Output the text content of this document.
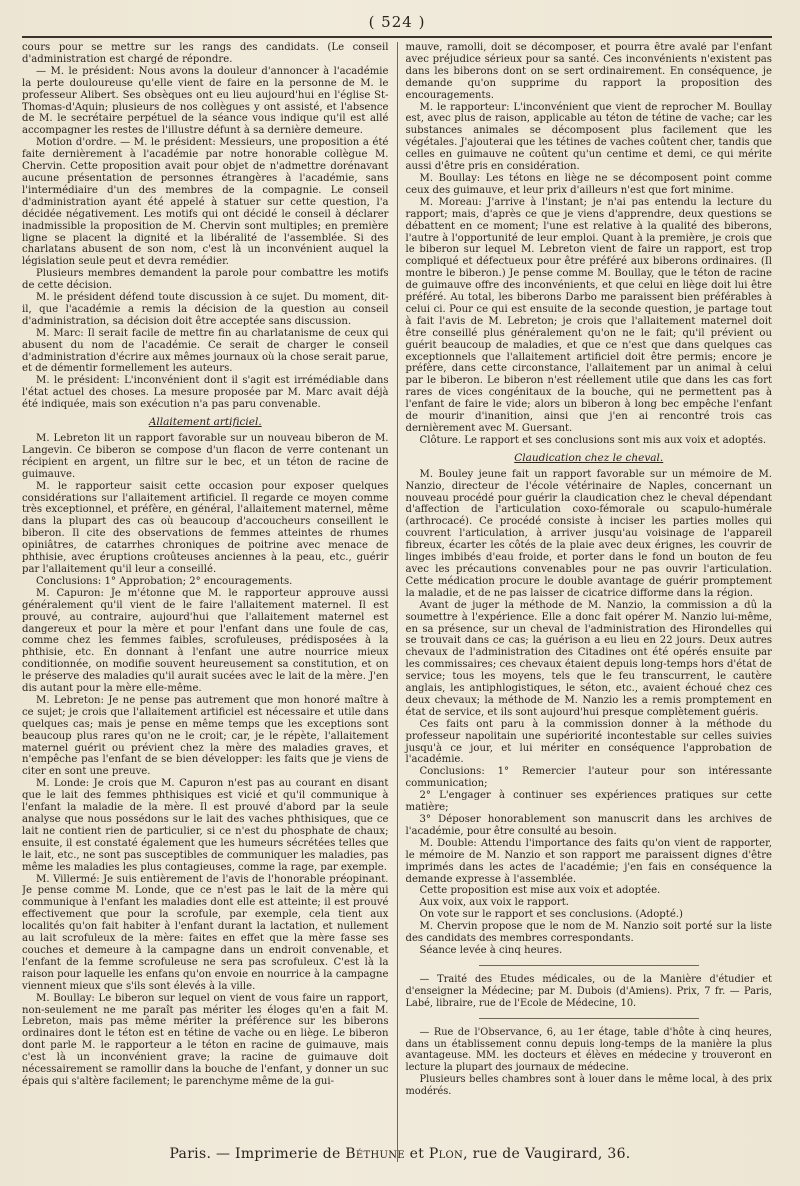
( 524 )

cours pour se mettre sur les rangs des candidats. (Le conseil d'administration est chargé de répondre.

— M. le président: Nous avons la douleur d'annoncer à l'académie la perte douloureuse qu'elle vient de faire en la personne de M. le professeur Alibert. Ses obsèques ont eu lieu aujourd'hui en l'église St-Thomas-d'Aquin; plusieurs de nos collègues y ont assisté, et l'absence de M. le secrétaire perpétuel de la séance vous indique qu'il est allé accompagner les restes de l'illustre défunt à sa dernière demeure.

Motion d'ordre. — M. le président: Messieurs, une proposition a été faite dernièrement à l'académie par notre honorable collègue M. Chervin. Cette proposition avait pour objet de n'admettre dorénavant aucune présentation de personnes étrangères à l'académie, sans l'intermédiaire d'un des membres de la compagnie. Le conseil d'administration ayant été appelé à statuer sur cette question, l'a décidée négativement. Les motifs qui ont décidé le conseil à déclarer inadmissible la proposition de M. Chervin sont multiples; en première ligne se placent la dignité et la libéralité de l'assemblée. Si des charlatans abusent de son nom, c'est là un inconvénient auquel la législation seule peut et devra remédier.

Plusieurs membres demandent la parole pour combattre les motifs de cette décision.

M. le président défend toute discussion à ce sujet. Du moment, dit-il, que l'académie a remis la décision de la question au conseil d'administration, sa décision doit être acceptée sans discussion.

M. Marc: Il serait facile de mettre fin au charlatanisme de ceux qui abusent du nom de l'académie. Ce serait de charger le conseil d'administration d'écrire aux mêmes journaux où la chose serait parue, et de démentir formellement les auteurs.

M. le président: L'inconvénient dont il s'agit est irrémédiable dans l'état actuel des choses. La mesure proposée par M. Marc avait déjà été indiquée, mais son exécution n'a pas paru convenable.

Allaitement artificiel.

M. Lebreton lit un rapport favorable sur un nouveau biberon de M. Langevin. Ce biberon se compose d'un flacon de verre contenant un récipient en argent, un filtre sur le bec, et un téton de racine de guimauve.

M. le rapporteur saisit cette occasion pour exposer quelques considérations sur l'allaitement artificiel. Il regarde ce moyen comme très exceptionnel, et préfère, en général, l'allaitement maternel, même dans la plupart des cas où beaucoup d'accoucheurs conseillent le biberon. Il cite des observations de femmes atteintes de rhumes opiniâtres, de catarrhes chroniques de poitrine avec menace de phthisie, avec éruptions croûteuses anciennes à la peau, etc., guérir par l'allaitement qu'il leur a conseillé.

Conclusions: 1° Approbation; 2° encouragements.

M. Capuron: Je m'étonne que M. le rapporteur approuve aussi généralement qu'il vient de le faire l'allaitement maternel. Il est prouvé, au contraire, aujourd'hui que l'allaitement maternel est dangereux et pour la mère et pour l'enfant dans une foule de cas, comme chez les femmes faibles, scrofuleuses, prédisposées à la phthisie, etc. En donnant à l'enfant une autre nourrice mieux conditionnée, on modifie souvent heureusement sa constitution, et on le préserve des maladies qu'il aurait sucées avec le lait de la mère. J'en dis autant pour la mère elle-même.

M. Lebreton: Je ne pense pas autrement que mon honoré maître à ce sujet; je crois que l'allaitement artificiel est nécessaire et utile dans quelques cas; mais je pense en même temps que les exceptions sont beaucoup plus rares qu'on ne le croit; car, je le répète, l'allaitement maternel guérit ou prévient chez la mère des maladies graves, et n'empêche pas l'enfant de se bien développer: les faits que je viens de citer en sont une preuve.

M. Londe: Je crois que M. Capuron n'est pas au courant en disant que le lait des femmes phthisiques est vicié et qu'il communique à l'enfant la maladie de la mère. Il est prouvé d'abord par la seule analyse que nous possédons sur le lait des vaches phthisiques, que ce lait ne contient rien de particulier, si ce n'est du phosphate de chaux; ensuite, il est constaté également que les humeurs sécrétées telles que le lait, etc., ne sont pas susceptibles de communiquer les maladies, pas même les maladies les plus contagieuses, comme la rage, par exemple.

M. Villermé: Je suis entièrement de l'avis de l'honorable préopinant. Je pense comme M. Londe, que ce n'est pas le lait de la mère qui communique à l'enfant les maladies dont elle est atteinte; il est prouvé effectivement que pour la scrofule, par exemple, cela tient aux localités qu'on fait habiter à l'enfant durant la lactation, et nullement au lait scrofuleux de la mère: faites en effet que la mère fasse ses couches et demeure à la campagne dans un endroit convenable, et l'enfant de la femme scrofuleuse ne sera pas scrofuleux. C'est là la raison pour laquelle les enfans qu'on envoie en nourrice à la campagne viennent mieux que s'ils sont élevés à la ville.

M. Boullay: Le biberon sur lequel on vient de vous faire un rapport, non-seulement ne me paraît pas mériter les éloges qu'en a fait M. Lebreton, mais pas même mériter la préférence sur les biberons ordinaires dont le téton est en tétine de vache ou en liège. Le biberon dont parle M. le rapporteur a le téton en racine de guimauve, mais c'est là un inconvénient grave; la racine de guimauve doit nécessairement se ramollir dans la bouche de l'enfant, y donner un suc épais qui s'altère facilement; le parenchyme même de la gui-

mauve, ramolli, doit se décomposer, et pourra être avalé par l'enfant avec préjudice sérieux pour sa santé. Ces inconvénients n'existent pas dans les biberons dont on se sert ordinairement. En conséquence, je demande qu'on supprime du rapport la proposition des encouragements.

M. le rapporteur: L'inconvénient que vient de reprocher M. Boullay est, avec plus de raison, applicable au téton de tétine de vache; car les substances animales se décomposent plus facilement que les végétales. J'ajouterai que les tétines de vaches coûtent cher, tandis que celles en guimauve ne coûtent qu'un centime et demi, ce qui mérite aussi d'être pris en considération.

M. Boullay: Les tétons en liège ne se décomposent point comme ceux des guimauve, et leur prix d'ailleurs n'est que fort minime.

M. Moreau: J'arrive à l'instant; je n'ai pas entendu la lecture du rapport; mais, d'après ce que je viens d'apprendre, deux questions se débattent en ce moment; l'une est relative à la qualité des biberons, l'autre à l'opportunité de leur emploi. Quant à la première, je crois que le biberon sur lequel M. Lebreton vient de faire un rapport, est trop compliqué et défectueux pour être préféré aux biberons ordinaires. (Il montre le biberon.) Je pense comme M. Boullay, que le téton de racine de guimauve offre des inconvénients, et que celui en liège doit lui être préféré. Au total, les biberons Darbo me paraissent bien préférables à celui ci. Pour ce qui est ensuite de la seconde question, je partage tout à fait l'avis de M. Lebreton; je crois que l'allaitement maternel doit être conseillé plus généralement qu'on ne le fait; qu'il prévient ou guérit beaucoup de maladies, et que ce n'est que dans quelques cas exceptionnels que l'allaitement artificiel doit être permis; encore je préfère, dans cette circonstance, l'allaitement par un animal à celui par le biberon. Le biberon n'est réellement utile que dans les cas fort rares de vices congénitaux de la bouche, qui ne permettent pas à l'enfant de faire le vide; alors un biberon à long bec empêche l'enfant de mourir d'inanition, ainsi que j'en ai rencontré trois cas dernièrement avec M. Guersant.

Clôture. Le rapport et ses conclusions sont mis aux voix et adoptés.

Claudication chez le cheval.

M. Bouley jeune fait un rapport favorable sur un mémoire de M. Nanzio, directeur de l'école vétérinaire de Naples, concernant un nouveau procédé pour guérir la claudication chez le cheval dépendant d'affection de l'articulation coxo-fémorale ou scapulo-humérale (arthrocacé). Ce procédé consiste à inciser les parties molles qui couvrent l'articulation, à arriver jusqu'au voisinage de l'appareil fibreux, écarter les côtés de la plaie avec deux érignes, les couvrir de linges imbibés d'eau froide, et porter dans le fond un bouton de feu avec les précautions convenables pour ne pas ouvrir l'articulation. Cette médication procure le double avantage de guérir promptement la maladie, et de ne pas laisser de cicatrice difforme dans la région.

Avant de juger la méthode de M. Nanzio, la commission a dû la soumettre à l'expérience. Elle a donc fait opérer M. Nanzio lui-même, en sa présence, sur un cheval de l'administration des Hirondelles qui se trouvait dans ce cas; la guérison a eu lieu en 22 jours. Deux autres chevaux de l'administration des Citadines ont été opérés ensuite par les commissaires; ces chevaux étaient depuis long-temps hors d'état de service; tous les moyens, tels que le feu transcurrent, le cautère anglais, les antiphlogistiques, le séton, etc., avaient échoué chez ces deux chevaux; la méthode de M. Nanzio les a remis promptement en état de service, et ils sont aujourd'hui presque complètement guéris.

Ces faits ont paru à la commission donner à la méthode du professeur napolitain une supériorité incontestable sur celles suivies jusqu'à ce jour, et lui mériter en conséquence l'approbation de l'académie.

Conclusions: 1° Remercier l'auteur pour son intéressante communication;

2° L'engager à continuer ses expériences pratiques sur cette matière;

3° Déposer honorablement son manuscrit dans les archives de l'académie, pour être consulté au besoin.

M. Double: Attendu l'importance des faits qu'on vient de rapporter, le mémoire de M. Nanzio et son rapport me paraissent dignes d'être imprimés dans les actes de l'académie; j'en fais en conséquence la demande expresse à l'assemblée.

Cette proposition est mise aux voix et adoptée.

Aux voix, aux voix le rapport.

On vote sur le rapport et ses conclusions. (Adopté.)

M. Chervin propose que le nom de M. Nanzio soit porté sur la liste des candidats des membres correspondants.

Séance levée à cinq heures.

— Traité des Etudes médicales, ou de la Manière d'étudier et d'enseigner la Médecine; par M. Dubois (d'Amiens). Prix, 7 fr. — Paris, Labé, libraire, rue de l'Ecole de Médecine, 10.

— Rue de l'Observance, 6, au 1er étage, table d'hôte à cinq heures, dans un établissement connu depuis long-temps de la manière la plus avantageuse. MM. les docteurs et élèves en médecine y trouveront en lecture la plupart des journaux de médecine.

Plusieurs belles chambres sont à louer dans le même local, à des prix modérés.

Paris. — Imprimerie de Béthune et Plon, rue de Vaugirard, 36.
